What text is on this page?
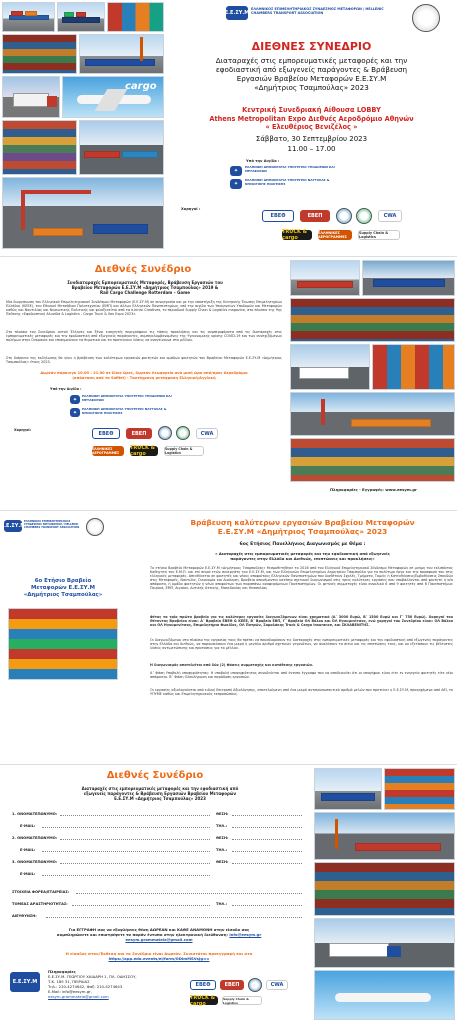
cargo
Ε.Ε.ΣΥ.Μ
ΕΛΛΗΝΙΚΟΣ ΕΠΙΜΕΛΗΤΗΡΙΑΚΟΣ ΣΥΝΔΕΣΜΟΣ ΜΕΤΑΦΟΡΩΝ / HELLENIC CHAMBERS TRANSPORT ASSOCIATION
ΔΙΕΘΝΕΣ ΣΥΝΕΔΡΙΟ
Διαταραχές στις εμπορευματικές μεταφορές και την
εφοδιαστική από εξωγενείς παράγοντες & Βράβευση
Εργασιών Βραβείου Μεταφορών Ε.Ε.ΣΥ.Μ
«Δημήτριος Τσαμπούλας» 2023
Κεντρική Συνεδριακή Αίθουσα LOBBY
Athens Metropolitan Expo Διεθνές Αεροδρόμιο Αθηνών
« Ελευθέριος Βενιζέλος »
Σάββατο, 30 Σεπτεμβρίου 2023
11.00 – 17.00
Υπό την Αιγίδα :
✦
ΕΛΛΗΝΙΚΗ ΔΗΜΟΚΡΑΤΙΑ ΥΠΟΥΡΓΕΙΟ ΥΠΟΔΟΜΩΝ ΚΑΙ ΜΕΤΑΦΟΡΩΝ
✦
ΕΛΛΗΝΙΚΗ ΔΗΜΟΚΡΑΤΙΑ ΥΠΟΥΡΓΕΙΟ ΝΑΥΤΙΛΙΑΣ & ΝΗΣΙΩΤΙΚΗΣ ΠΟΛΙΤΙΚΗΣ
Χορηγοί :
ΕΒΕΘ	ΕΒΕΠ	CWA
TRUCK & cargo
ΕΛΛΗΝΙΚΕΣ ΑΕΡΟΓΡΑΜΜΕΣ
Supply Chain & Logistics
Διεθνές Συνέδριο
Συνδιαταραχές Εμπορευματικές Μεταφορές, Βράβευση Εργασιών του
Βραβείου Μεταφορών Ε.Ε.ΣΥ.Μ «Δημήτριος Τσαμπούλας» 2019 &
Rail Cargo Challenge Rotterdam – Game
Μία διοργάνωση του Ελληνικού Επιμελητηριακού Συνδέσμου Μεταφορών (Ε.Ε.ΣΥ.Μ) σε συνεργασία και με την υποστήριξη της Κεντρικής Ένωσης Επιμελητηρίων Ελλάδος (ΚΕΕΕ), του Εθνικού Μετσόβιου Πολυτεχνείου (ΕΜΠ) και άλλων Ελληνικών Πανεπιστημίων, υπό την αιγίδα των Υπουργείων Υποδομών και Μεταφορών καθώς και Ναυτιλίας και Νησιωτικής Πολιτικής και φιλοξενείται από τα e-kinisi Creatives, το περιοδικό Supply Chain & Logistics magazine, στο πλαίσιο της 9ης Έκθεσης «Εφοδιαστική Αλυσίδα & Logistics - Cargo Truck & Van Expo 2023».
Στο πλαίσιο του Συνεδρίου αυτού Έλληνες και ξένοι εισηγητές περιγράφουν τις τάσεις προκλήσεις και τις συμπεριφόρατα από τις διαταραχές στις εμπορευματικές μεταφορές και την εφοδιαστική από εξωγενείς παράγοντες, συμπεριλαμβανομένης της Υγειονομικής κρίσης COVID-19 και των συνεχιζόμενων πολέμων στην Ουκρανία και επισημαίνουν τα θεματικά και τα προτείνουν λύσεις να αναγείνουμε στο μέλλον.
Στη διάρκεια της εκδήλωσης θα γίνει η βράβευση των καλύτερων εργασιών φοιτητών και ομάδων φοιτητών του Βραβείου Μεταφορών Ε.Ε.ΣΥ.Μ «Δημήτριος Τσαμπούλας» έτους 2023.
Δωρεάν πάρκινγκ 10.00 – 21.00 σε ίδιας ώρες, δωρεάν Λεωφορεία ανά μισή ώρα από/προς Αεροδρόμιο
(απόσταση από το Sofitel) - Ταυτόχρονη μετάφραση Ελληνική/Αγγλική
Υπό την Αιγίδα :
✦
ΕΛΛΗΝΙΚΗ ΔΗΜΟΚΡΑΤΙΑ ΥΠΟΥΡΓΕΙΟ ΥΠΟΔΟΜΩΝ ΚΑΙ ΜΕΤΑΦΟΡΩΝ
✦
ΕΛΛΗΝΙΚΗ ΔΗΜΟΚΡΑΤΙΑ ΥΠΟΥΡΓΕΙΟ ΝΑΥΤΙΛΙΑΣ & ΝΗΣΙΩΤΙΚΗΣ ΠΟΛΙΤΙΚΗΣ
Χορηγοί:
ΕΒΕΘ	ΕΒΕΠ	CWA
ΕΛΛΗΝΙΚΕΣ ΑΕΡΟΓΡΑΜΜΕΣ
TRUCK & cargo
Supply Chain & Logistics
Πληροφορίες - Εγγραφές: www.eesym.gr
Ε.Ε.ΣΥ.Μ
ΕΛΛΗΝΙΚΟΣ ΕΠΙΜΕΛΗΤΗΡΙΑΚΟΣ ΣΥΝΔΕΣΜΟΣ ΜΕΤΑΦΟΡΩΝ / HELLENIC CHAMBERS TRANSPORT ASSOCIATION
6ο Ετήσιο Βραβείο
Μεταφορών Ε.Ε.ΣΥ.Μ
«Δημήτριος Τσαμπούλας»
Βράβευση καλύτερων εργασιών Βραβείου Μεταφορών
Ε.Ε.ΣΥ.Μ «Δημήτριος Τσαμπούλας» 2023
6ος Ετήσιος Πανελλήνιος Διαγωνισμός με Θέμα :
« Διαταραχές στις εμπορευματικές μεταφορές και την εφοδιαστική από εξωγενείς
παράγοντες στην Ελλάδα και Διεθνώς, επιπτώσεις και προκλήσεις»
Το ετήσιο Βραβείο Μεταφορών Ε.Ε.ΣΥ.Μ «Δημήτριος Τσαμπούλας» θεσμοθετήθηκε το 2016 από τον Ελληνικό Επιμελητηριακό Σύνδεσμο Μεταφορών σε μνήμη του εκλιπόντος Καθηγητή του Ε.Μ.Π. και επί σειρά ετών συνεργάτη του Ε.Ε.ΣΥ.Μ, και των Ελληνικών Επιμελητηρίων Δημητρίου Τσαμπούλα για το πολύτιμο έργο και την προσφορά του στις ελληνικές μεταφορές. Απευθύνεται σε φοιτητές και νέους αποφοίτους Ελληνικών Πανεπιστημίων που διαθέτουν Σχολές, Τμήματα, Τομείς ή Κατευθύνσεις/Εμβαθύνσεις Σπουδών στις Μεταφορές, Ναυτιλία, Οικονομία και Διοίκηση. Βραβεία απονέμονται κατόπιν σχετικού διαγωνισμού στις τρεις καλύτερες εργασίες που υποβάλλονται από φοιτητή ή νέο απόφοιτο, ή ομάδα φοιτητών ή νέων αποφοίτων των παραπάνω αναφερόμενων Πανεπιστημίων. Οι φετινές συμμετοχές είναι συνολικά 6 από 9 φοιτητές από 6 Πανεπιστήμια: Πειραιά, ΕΜΠ, Αιγαίου, Δυτικής Αττικής, Μακεδονίας και Θεσσαλίας.
Φέτος τα τρία πρώτα βραβεία για τις καλύτερες εργασίες διαγωνιζόμενων είναι χρηματικά (Α΄ 3000 Ευρώ, Β΄ 1500 Ευρώ και Γ΄ 750 Ευρώ). Χορηγοί του Θέτοντος Βραβείου είναι: Α΄ Βραβείο ΕΒΕΘ & ΚΕΕΕ, Β΄ Βραβείο ΕΒΠ, Γ΄ Βραβείο ΟΛ Βόλου και ΟΛ Ηγουμενίτσας, ενώ χορηγοί του Συνεδρίου είναι: ΟΛ Βόλου και ΟΛ Ηγουμενίτσας, Επιμελητήριο Φωκίδας, ΟΛ Πατρών, Σαμαλάκης Truck & Cargo Insurance, και ΣΚΛΑΒΕΝΙΤΗΣ.
Οι διαγωνιζόμενοι στο πλαίσιο της εργασίας τους θα πρέπει να προσδιορίσουν τις διαταραχές στις εμπορευματικές μεταφορές και την εφοδιαστική από εξωγενείς παράγοντες στην Ελλάδα και διεθνώς, να παρουσιάσουν ένα μικρό ή μεγάλο αριθμό σχετικών γεγονότων, να αναλύσουν τα αίτια και τις επιπτώσεις τους, και να εξετάσουν τις βέλτιστες λύσεις αντιμετώπισης και προτάσεις για το μέλλον.
Η διαγωνισμός αποτελείται από δύο (2) Φάσεις συμμετοχής και κατάθεσης εργασιών.
Α΄ Φάση Υποβολή υποψηφιότητας: Η υποβολή υποψηφιότητας συνοδεύεται από έντυπο έγγραφο που να αποδεικνύει ότι οι υποψήφιοι είναι είτε εν ενεργεία φοιτητές είτε νέοι απόφοιτοι. Β΄ Φάση Ολοκλήρωση και παράδοση εργασιών.
Οι εργασίες αξιολογούνται από ειδική Επιτροπή Αξιολόγησης, αποτελούμενη από ένα μικρό αντιπροσωπευτικό αριθμό μελών που προτείνει η Ε.Ε.ΣΥ.Μ, προερχόμενα από ΑΕΙ, το ΥΠΥΜΕ καθώς και Επιμελητηριακούς εκπροσώπους.
Διεθνές Συνέδριο
Διαταραχές στις εμπορευματικές μεταφορές και την εφοδιαστική από
εξωγενείς παράγοντες & Βράβευση Εργασιών Βραβείου Μεταφορών
Ε.Ε.ΣΥ.Μ «Δημήτριος Τσαμπούλας» 2023
1. ΟΝΟΜΑΤΕΠΩΝΥΜΟ:	ΘΕΣΗ:
Ε-MAIL:	ΤΗΛ.:
2. ΟΝΟΜΑΤΕΠΩΝΥΜΟ:	ΘΕΣΗ:
Ε-MAIL:	ΤΗΛ.:
3. ΟΝΟΜΑΤΕΠΩΝΥΜΟ:	ΘΕΣΗ:
Ε-MAIL:
ΣΤΟΙΧΕΙΑ ΦΟΡΕΑ/ΕΤΑΙΡΕΙΑΣ:
ΤΟΜΕΑΣ ΔΡΑΣΤΗΡΙΟΤΗΤΑΣ:	ΤΗΛ.:
ΔΙΕΥΘΥΝΣΗ:
Για ΕΓΓΡΑΦΗ σας να εξοφλήσεις θέση ΔΩΡΕΑΝ και ΚΑΘΕ ΑΝΑΜΟΝΗ στην είσοδο σας
συμπληρώσετε και επιστρέψετε το παρόν έντυπο στην ηλεκτρονική διεύθυνση: info@eesym.gr
eesym.grammateia@gmail.com
Η είσοδος στον/Έκθεση και το Συνέδριο είναι Δωρεάν. Συνιστάται προεγγραφή και στο
https://app.edo.events/el/form/ODImMSVsJg==
Ε.Ε.ΣΥ.Μ
Πληροφορίες
Ε.Ε.ΣΥ.Μ. ΓΕΩΡΓΙΟΥ ΧΑΙΔΑΡΗ 1, ΠΛ. ΟΔΗΣΣΟΥ,
Τ.Κ. 185 31, ΠΕΙΡΑΙΑΣ
Τηλ.: 210-4274642, Φαξ: 210-4274643
E-Mail: info@eesym.gr,
eesym.grammateia@gmail.com
ΕΒΕΘ	ΕΒΕΠ	CWA
TRUCK & cargo
Supply Chain & Logistics
